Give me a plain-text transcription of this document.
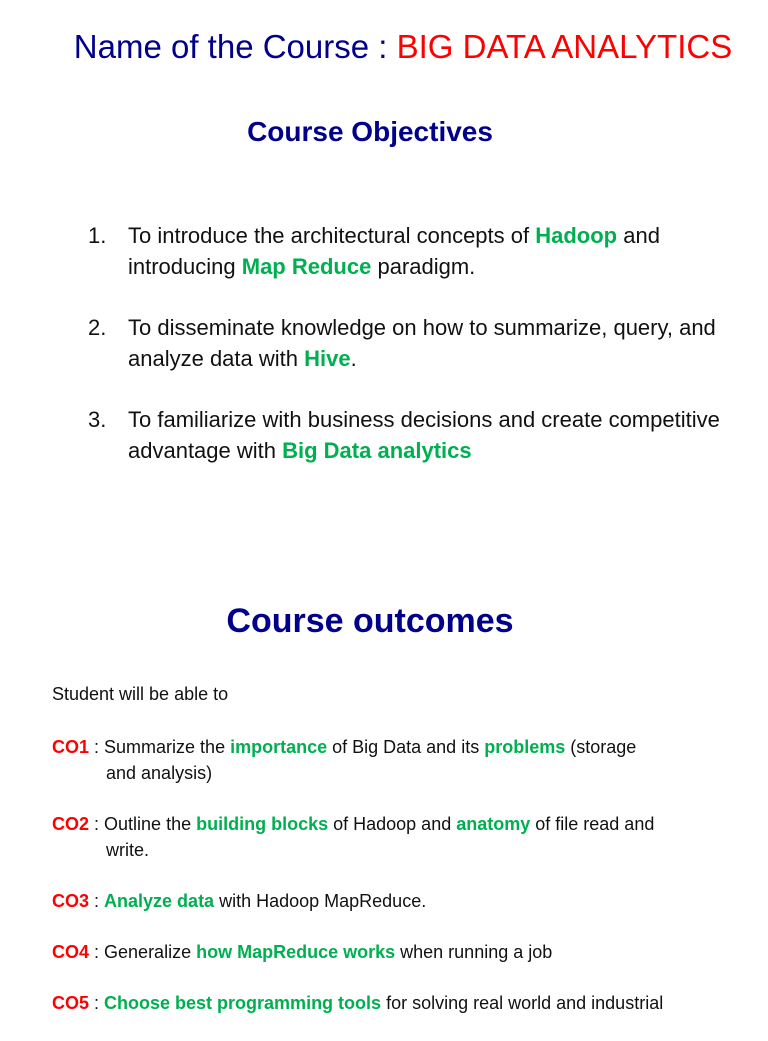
Name of the Course : BIG DATA ANALYTICS
Course Objectives
1. To introduce the architectural concepts of Hadoop and introducing Map Reduce paradigm.
2. To disseminate knowledge on how to summarize, query, and analyze data with Hive.
3. To familiarize with business decisions and create competitive advantage with Big Data analytics
Course outcomes
Student will be able to
CO1 : Summarize the importance of Big Data and its problems (storage
and analysis)
CO2 : Outline the building blocks of Hadoop and anatomy of file read and
write.
CO3 : Analyze data with Hadoop MapReduce.
CO4 : Generalize how MapReduce works when running a job
CO5 : Choose best programming tools for solving real world and industrial
